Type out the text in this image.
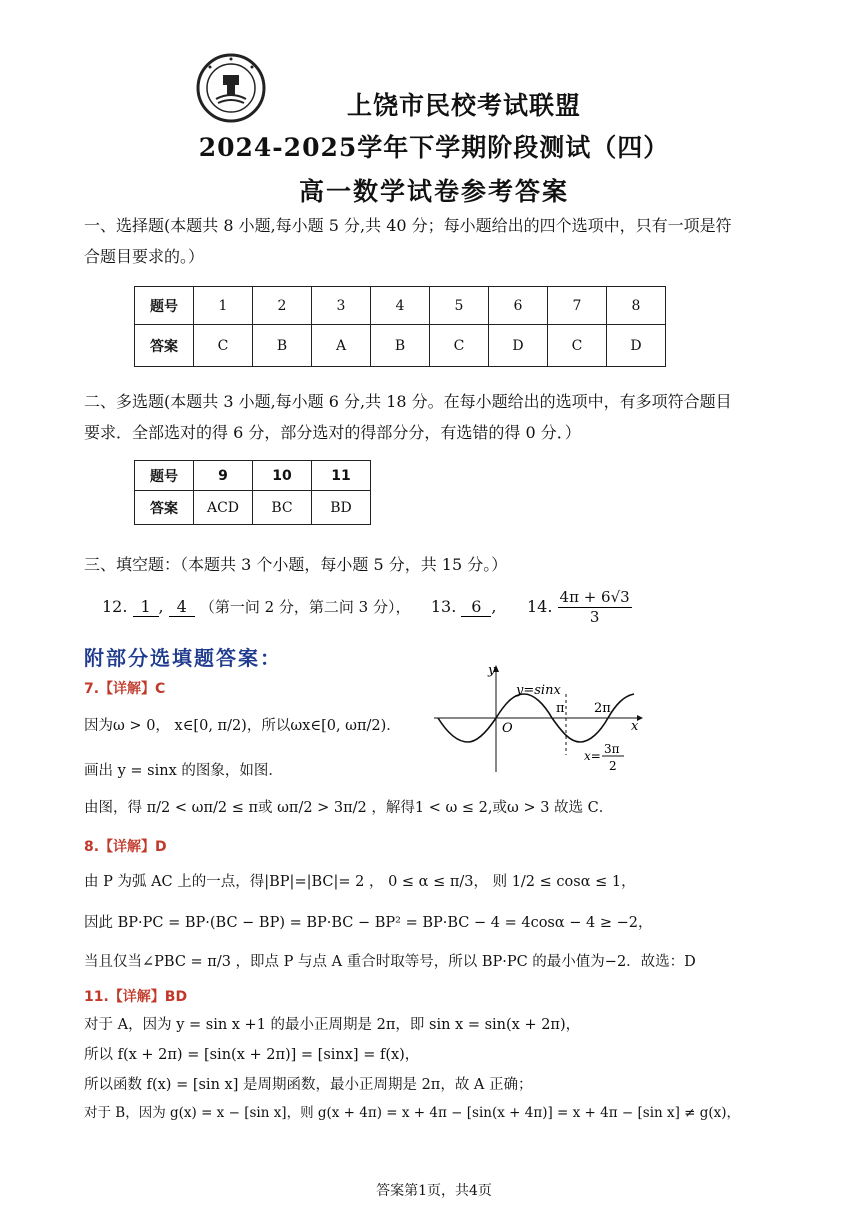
上饶市民校考试联盟
2024-2025学年下学期阶段测试（四）
高一数学试卷参考答案
一、选择题(本题共 8 小题,每小题 5 分,共 40 分；每小题给出的四个选项中，只有一项是符
合题目要求的。）
题号	1	2	3	4	5	6	7	8
答案	C	B	A	B	C	D	C	D
二、多选题(本题共 3 小题,每小题 6 分,共 18 分。在每小题给出的选项中，有多项符合题目
要求．全部选对的得 6 分，部分选对的得部分分，有选错的得 0 分．）
题号	9	10	11
答案	ACD	BC	BD
三、填空题：（本题共 3 个小题，每小题 5 分，共 15 分。）
12. 1 , 4 （第一问 2 分，第二问 3 分）， 13. 6 ,      14. $\frac{4\pi + 6√3}{3}$
附部分选填题答案：
7.【详解】C
因为ω > 0， x∈[0, π/2)，所以ωx∈[0, ωπ/2)．
画出 y = sinx 的图象，如图．
由图，得 π/2 < ωπ/2 ≤ π或 ωπ/2 > 3π/2 ，解得1 < ω ≤ 2,或ω > 3 故选 C．
y
x
O
y=sinx
π 2π
x= 3π
2
8.【详解】D
由 P 为弧 AC 上的一点，得|BP|=|BC|= 2 ， 0 ≤ α ≤ π/3， 则 1/2 ≤ cosα ≤ 1，
因此 BP·PC = BP·(BC − BP) = BP·BC − BP² = BP·BC − 4 = 4cosα − 4 ≥ −2，
当且仅当∠PBC = π/3 ，即点 P 与点 A 重合时取等号，所以 BP·PC 的最小值为−2．故选：D
11.【详解】BD
对于 A，因为 y = sin x +1 的最小正周期是 2π，即 sin x = sin(x + 2π)，
所以 f(x + 2π) = [sin(x + 2π)] = [sinx] = f(x)，
所以函数 f(x) = [sin x] 是周期函数，最小正周期是 2π，故 A 正确；
对于 B，因为 g(x) = x − [sin x]，则 g(x + 4π) = x + 4π − [sin(x + 4π)] = x + 4π − [sin x] ≠ g(x)，
答案第1页，共4页
